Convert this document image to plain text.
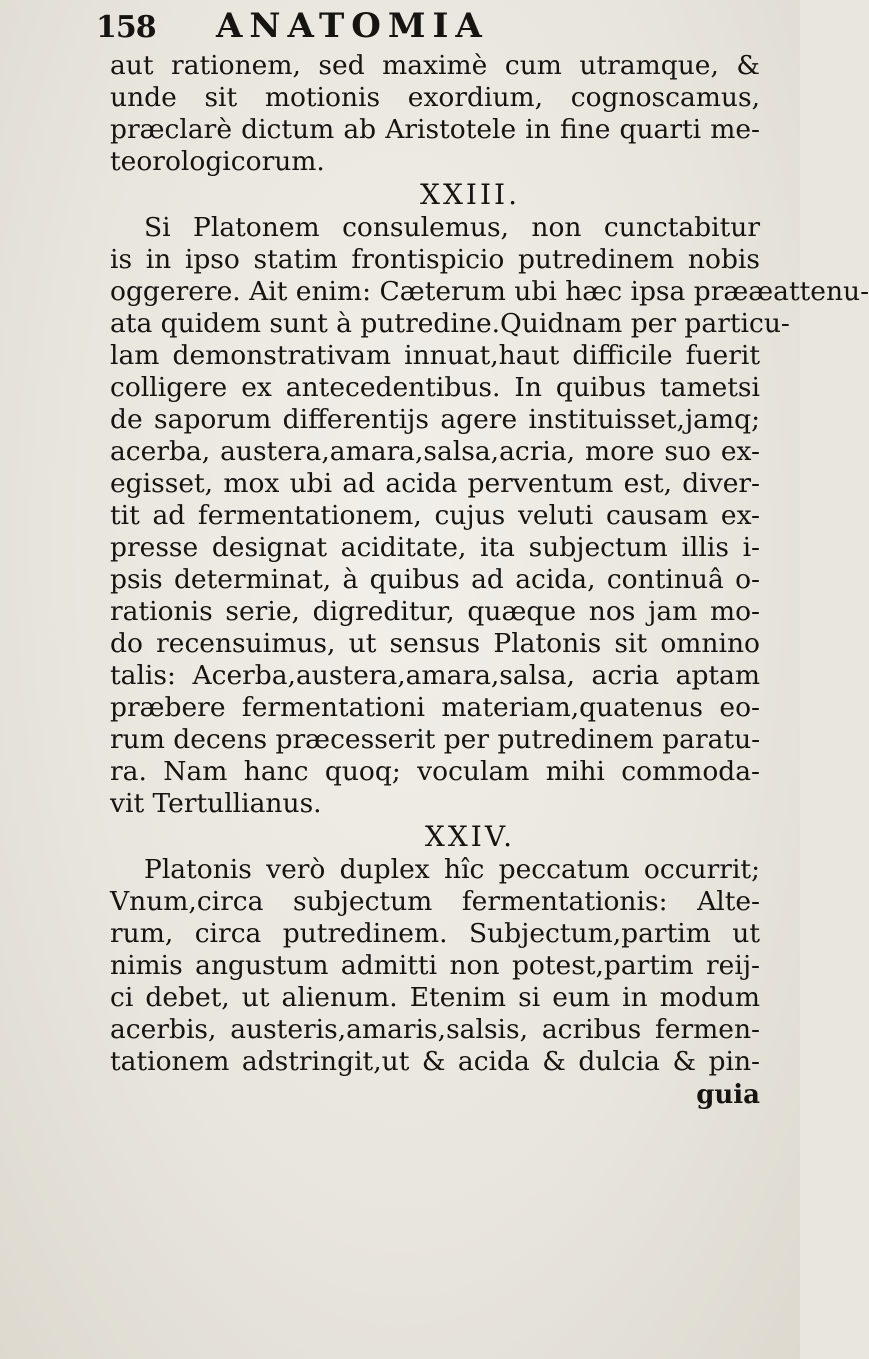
158 ANATOMIA
aut rationem, sed maximè cum utramque, &
unde sit motionis exordium, cognoscamus,
præclarè dictum ab Aristotele in fine quarti me-
teorologicorum.
XXIII.
Si Platonem consulemus, non cunctabitur
is in ipso statim frontispicio putredinem nobis
oggerere. Ait enim: Cæterum ubi hæc ipsa prææattenu-
ata quidem sunt à putredine.Quidnam per particu-
lam demonstrativam innuat,haut difficile fuerit
colligere ex antecedentibus. In quibus tametsi
de saporum differentijs agere instituisset,jamq;
acerba, austera,amara,salsa,acria, more suo ex-
egisset, mox ubi ad acida perventum est, diver-
tit ad fermentationem, cujus veluti causam ex-
presse designat aciditate, ita subjectum illis i-
psis determinat, à quibus ad acida, continuâ o-
rationis serie, digreditur, quæque nos jam mo-
do recensuimus, ut sensus Platonis sit omnino
talis: Acerba,austera,amara,salsa, acria aptam
præbere fermentationi materiam,quatenus eo-
rum decens præcesserit per putredinem paratu-
ra. Nam hanc quoq; voculam mihi commoda-
vit Tertullianus.
XXIV.
Platonis verò duplex hîc peccatum occurrit;
Vnum,circa subjectum fermentationis: Alte-
rum, circa putredinem. Subjectum,partim ut
nimis angustum admitti non potest,partim reij-
ci debet, ut alienum. Etenim si eum in modum
acerbis, austeris,amaris,salsis, acribus fermen-
tationem adstringit,ut & acida & dulcia & pin-
guia
